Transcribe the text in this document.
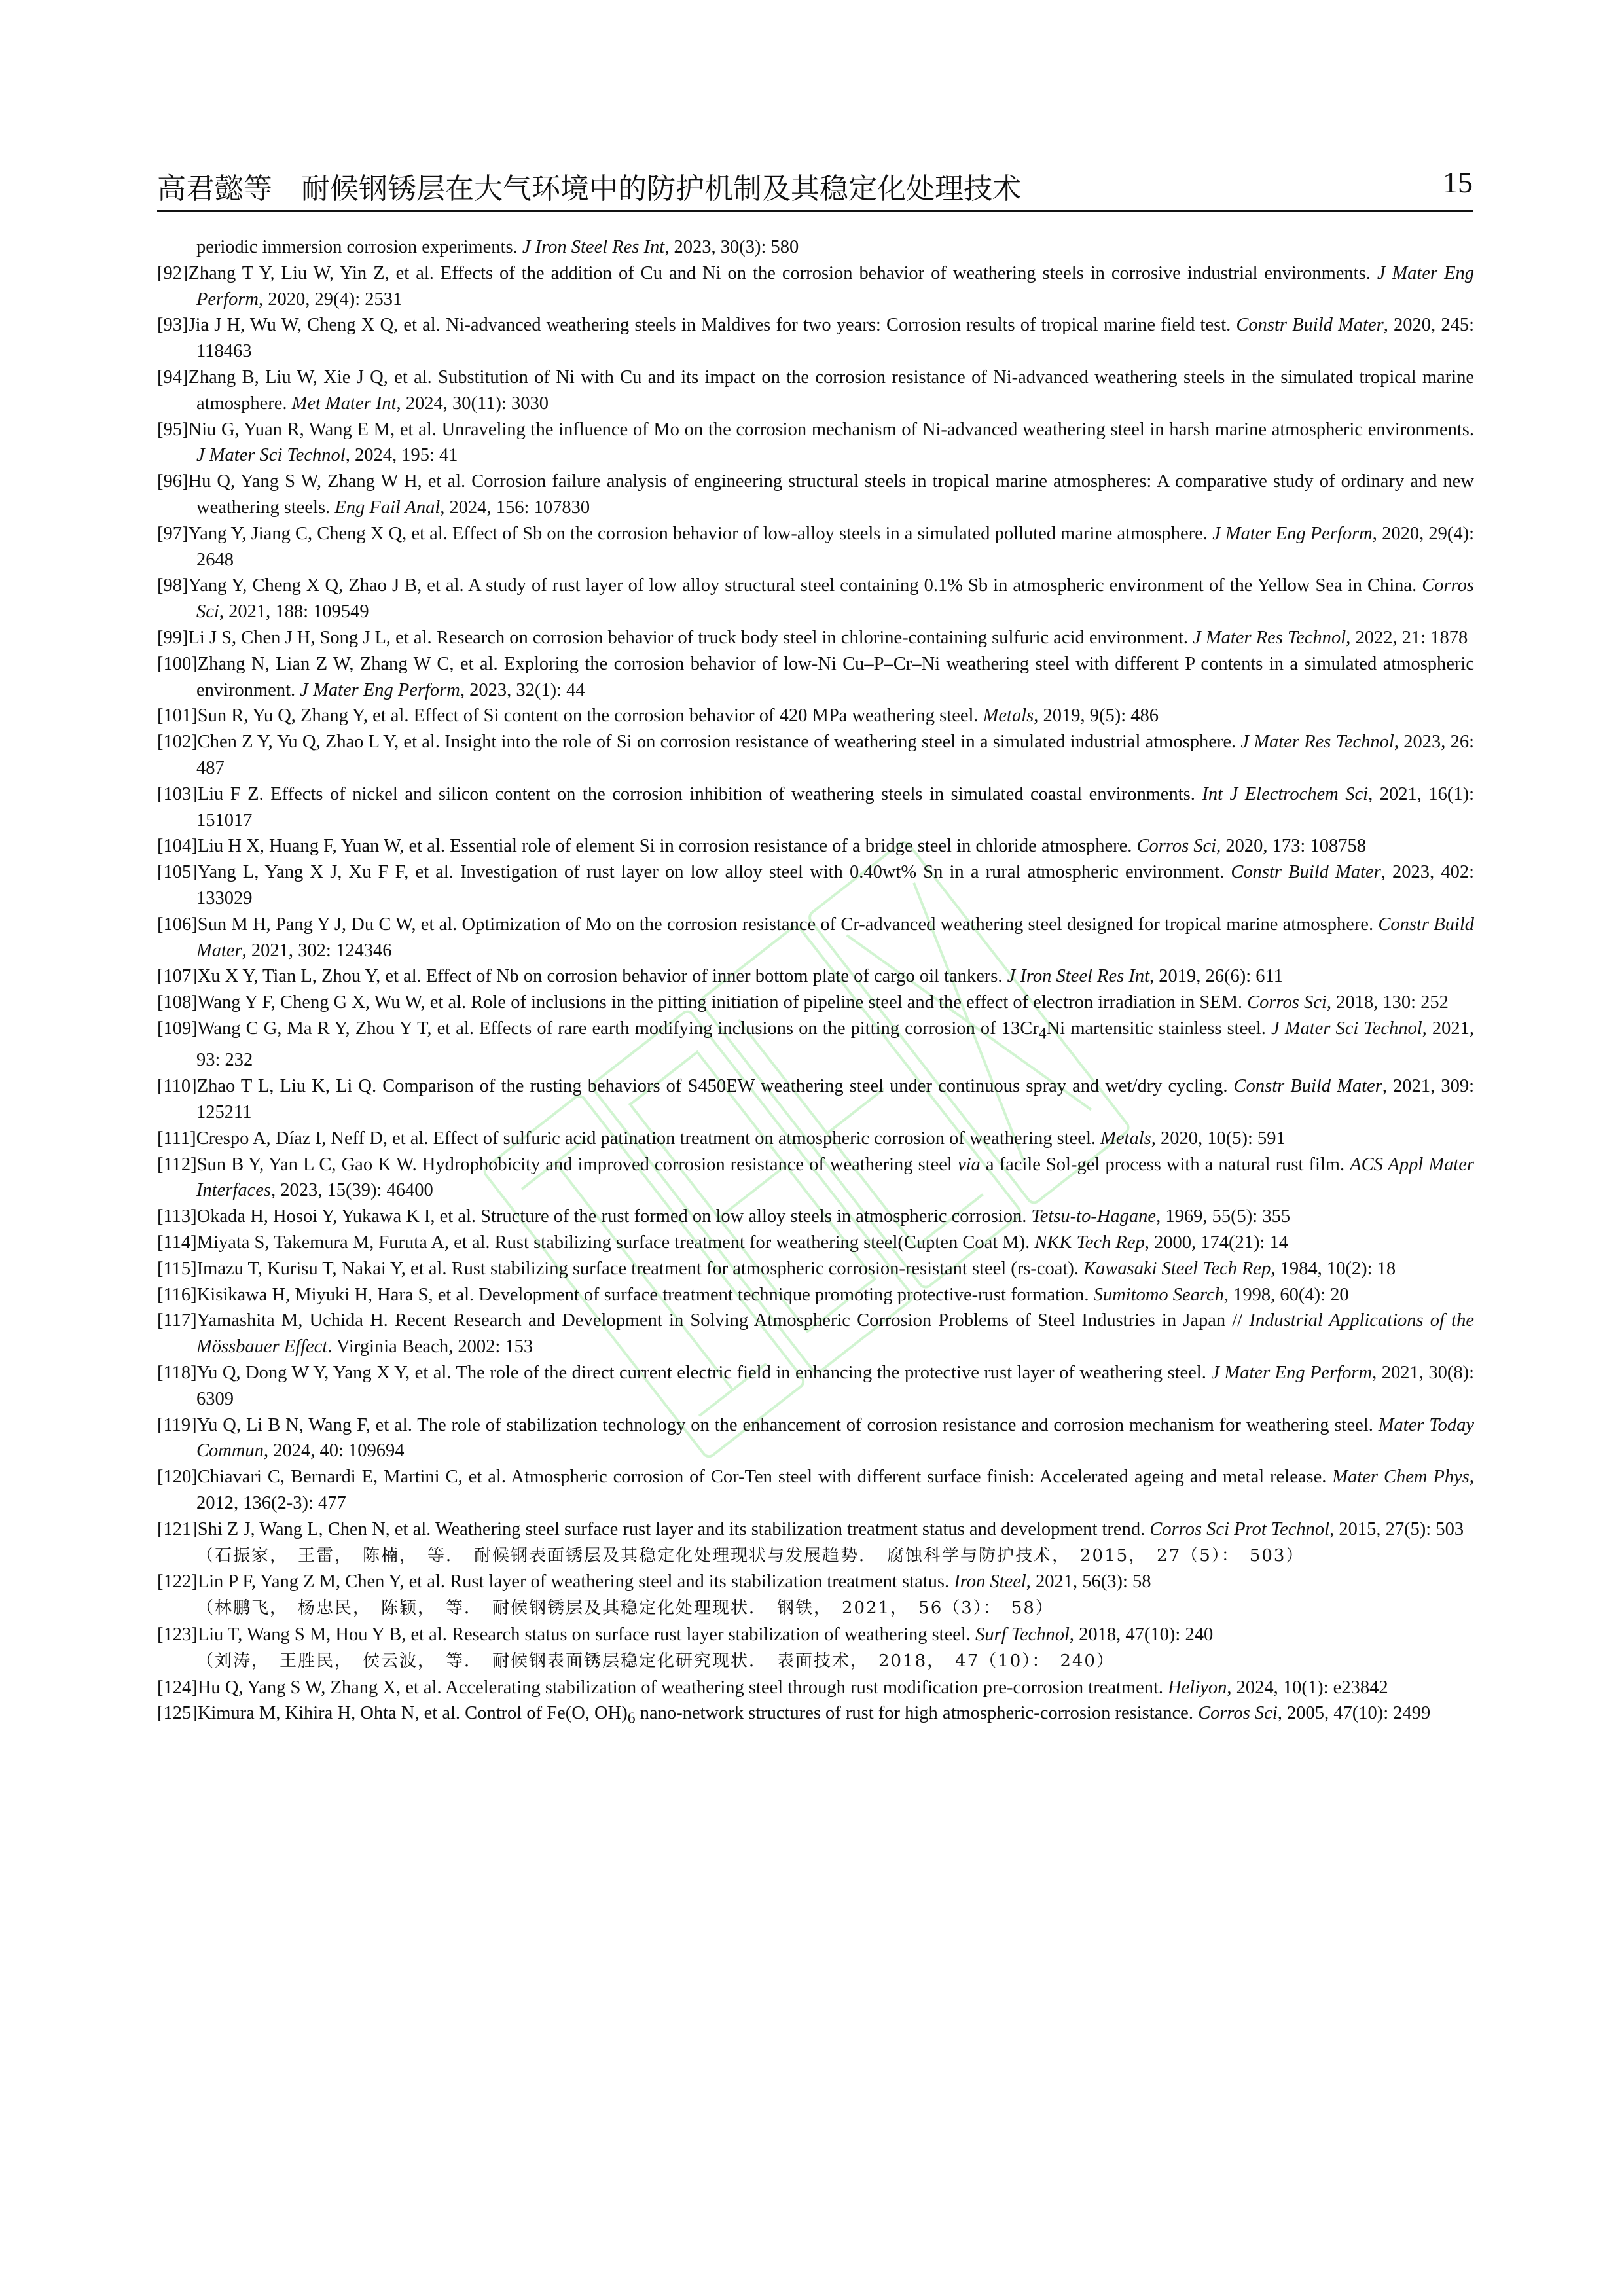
高君懿等　耐候钢锈层在大气环境中的防护机制及其稳定化处理技术	15

periodic immersion corrosion experiments. J Iron Steel Res Int, 2023, 30(3): 580

[92]Zhang T Y, Liu W, Yin Z, et al. Effects of the addition of Cu and Ni on the corrosion behavior of weathering steels in corrosive industrial environments. J Mater Eng Perform, 2020, 29(4): 2531

[93]Jia J H, Wu W, Cheng X Q, et al. Ni-advanced weathering steels in Maldives for two years: Corrosion results of tropical marine field test. Constr Build Mater, 2020, 245: 118463

[94]Zhang B, Liu W, Xie J Q, et al. Substitution of Ni with Cu and its impact on the corrosion resistance of Ni-advanced weathering steels in the simulated tropical marine atmosphere. Met Mater Int, 2024, 30(11): 3030

[95]Niu G, Yuan R, Wang E M, et al. Unraveling the influence of Mo on the corrosion mechanism of Ni-advanced weathering steel in harsh marine atmospheric environments. J Mater Sci Technol, 2024, 195: 41

[96]Hu Q, Yang S W, Zhang W H, et al. Corrosion failure analysis of engineering structural steels in tropical marine atmospheres: A comparative study of ordinary and new weathering steels. Eng Fail Anal, 2024, 156: 107830

[97]Yang Y, Jiang C, Cheng X Q, et al. Effect of Sb on the corrosion behavior of low-alloy steels in a simulated polluted marine atmosphere. J Mater Eng Perform, 2020, 29(4): 2648

[98]Yang Y, Cheng X Q, Zhao J B, et al. A study of rust layer of low alloy structural steel containing 0.1% Sb in atmospheric environment of the Yellow Sea in China. Corros Sci, 2021, 188: 109549

[99]Li J S, Chen J H, Song J L, et al. Research on corrosion behavior of truck body steel in chlorine-containing sulfuric acid environment. J Mater Res Technol, 2022, 21: 1878

[100]Zhang N, Lian Z W, Zhang W C, et al. Exploring the corrosion behavior of low-Ni Cu–P–Cr–Ni weathering steel with different P contents in a simulated atmospheric environment. J Mater Eng Perform, 2023, 32(1): 44

[101]Sun R, Yu Q, Zhang Y, et al. Effect of Si content on the corrosion behavior of 420 MPa weathering steel. Metals, 2019, 9(5): 486

[102]Chen Z Y, Yu Q, Zhao L Y, et al. Insight into the role of Si on corrosion resistance of weathering steel in a simulated industrial atmosphere. J Mater Res Technol, 2023, 26: 487

[103]Liu F Z. Effects of nickel and silicon content on the corrosion inhibition of weathering steels in simulated coastal environments. Int J Electrochem Sci, 2021, 16(1): 151017

[104]Liu H X, Huang F, Yuan W, et al. Essential role of element Si in corrosion resistance of a bridge steel in chloride atmosphere. Corros Sci, 2020, 173: 108758

[105]Yang L, Yang X J, Xu F F, et al. Investigation of rust layer on low alloy steel with 0.40wt% Sn in a rural atmospheric environment. Constr Build Mater, 2023, 402: 133029

[106]Sun M H, Pang Y J, Du C W, et al. Optimization of Mo on the corrosion resistance of Cr-advanced weathering steel designed for tropical marine atmosphere. Constr Build Mater, 2021, 302: 124346

[107]Xu X Y, Tian L, Zhou Y, et al. Effect of Nb on corrosion behavior of inner bottom plate of cargo oil tankers. J Iron Steel Res Int, 2019, 26(6): 611

[108]Wang Y F, Cheng G X, Wu W, et al. Role of inclusions in the pitting initiation of pipeline steel and the effect of electron irradiation in SEM. Corros Sci, 2018, 130: 252

[109]Wang C G, Ma R Y, Zhou Y T, et al. Effects of rare earth modifying inclusions on the pitting corrosion of $13Cr_4Ni$ martensitic stainless steel. J Mater Sci Technol, 2021, 93: 232

[110]Zhao T L, Liu K, Li Q. Comparison of the rusting behaviors of S450EW weathering steel under continuous spray and wet/dry cycling. Constr Build Mater, 2021, 309: 125211

[111]Crespo A, Díaz I, Neff D, et al. Effect of sulfuric acid patination treatment on atmospheric corrosion of weathering steel. Metals, 2020, 10(5): 591

[112]Sun B Y, Yan L C, Gao K W. Hydrophobicity and improved corrosion resistance of weathering steel via a facile Sol-gel process with a natural rust film. ACS Appl Mater Interfaces, 2023, 15(39): 46400

[113]Okada H, Hosoi Y, Yukawa K I, et al. Structure of the rust formed on low alloy steels in atmospheric corrosion. Tetsu-to-Hagane, 1969, 55(5): 355

[114]Miyata S, Takemura M, Furuta A, et al. Rust stabilizing surface treatment for weathering steel(Cupten Coat M). NKK Tech Rep, 2000, 174(21): 14

[115]Imazu T, Kurisu T, Nakai Y, et al. Rust stabilizing surface treatment for atmospheric corrosion-resistant steel (rs-coat). Kawasaki Steel Tech Rep, 1984, 10(2): 18

[116]Kisikawa H, Miyuki H, Hara S, et al. Development of surface treatment technique promoting protective-rust formation. Sumitomo Search, 1998, 60(4): 20

[117]Yamashita M, Uchida H. Recent Research and Development in Solving Atmospheric Corrosion Problems of Steel Industries in Japan // Industrial Applications of the Mössbauer Effect. Virginia Beach, 2002: 153

[118]Yu Q, Dong W Y, Yang X Y, et al. The role of the direct current electric field in enhancing the protective rust layer of weathering steel. J Mater Eng Perform, 2021, 30(8): 6309

[119]Yu Q, Li B N, Wang F, et al. The role of stabilization technology on the enhancement of corrosion resistance and corrosion mechanism for weathering steel. Mater Today Commun, 2024, 40: 109694

[120]Chiavari C, Bernardi E, Martini C, et al. Atmospheric corrosion of Cor-Ten steel with different surface finish: Accelerated ageing and metal release. Mater Chem Phys, 2012, 136(2-3): 477

[121]Shi Z J, Wang L, Chen N, et al. Weathering steel surface rust layer and its stabilization treatment status and development trend. Corros Sci Prot Technol, 2015, 27(5): 503
（石振家，　王雷，　陈楠，　等．　耐候钢表面锈层及其稳定化处理现状与发展趋势．　腐蚀科学与防护技术，　2015，　27（5）：　503）

[122]Lin P F, Yang Z M, Chen Y, et al. Rust layer of weathering steel and its stabilization treatment status. Iron Steel, 2021, 56(3): 58
（林鹏飞，　杨忠民，　陈颖，　等．　耐候钢锈层及其稳定化处理现状．　钢铁，　2021，　56（3）：　58）

[123]Liu T, Wang S M, Hou Y B, et al. Research status on surface rust layer stabilization of weathering steel. Surf Technol, 2018, 47(10): 240
（刘涛，　王胜民，　侯云波，　等．　耐候钢表面锈层稳定化研究现状．　表面技术，　2018，　47（10）：　240）

[124]Hu Q, Yang S W, Zhang X, et al. Accelerating stabilization of weathering steel through rust modification pre-corrosion treatment. Heliyon, 2024, 10(1): e23842

[125]Kimura M, Kihira H, Ohta N, et al. Control of Fe(O, $OH)_6$ nano-network structures of rust for high atmospheric-corrosion resistance. Corros Sci, 2005, 47(10): 2499
